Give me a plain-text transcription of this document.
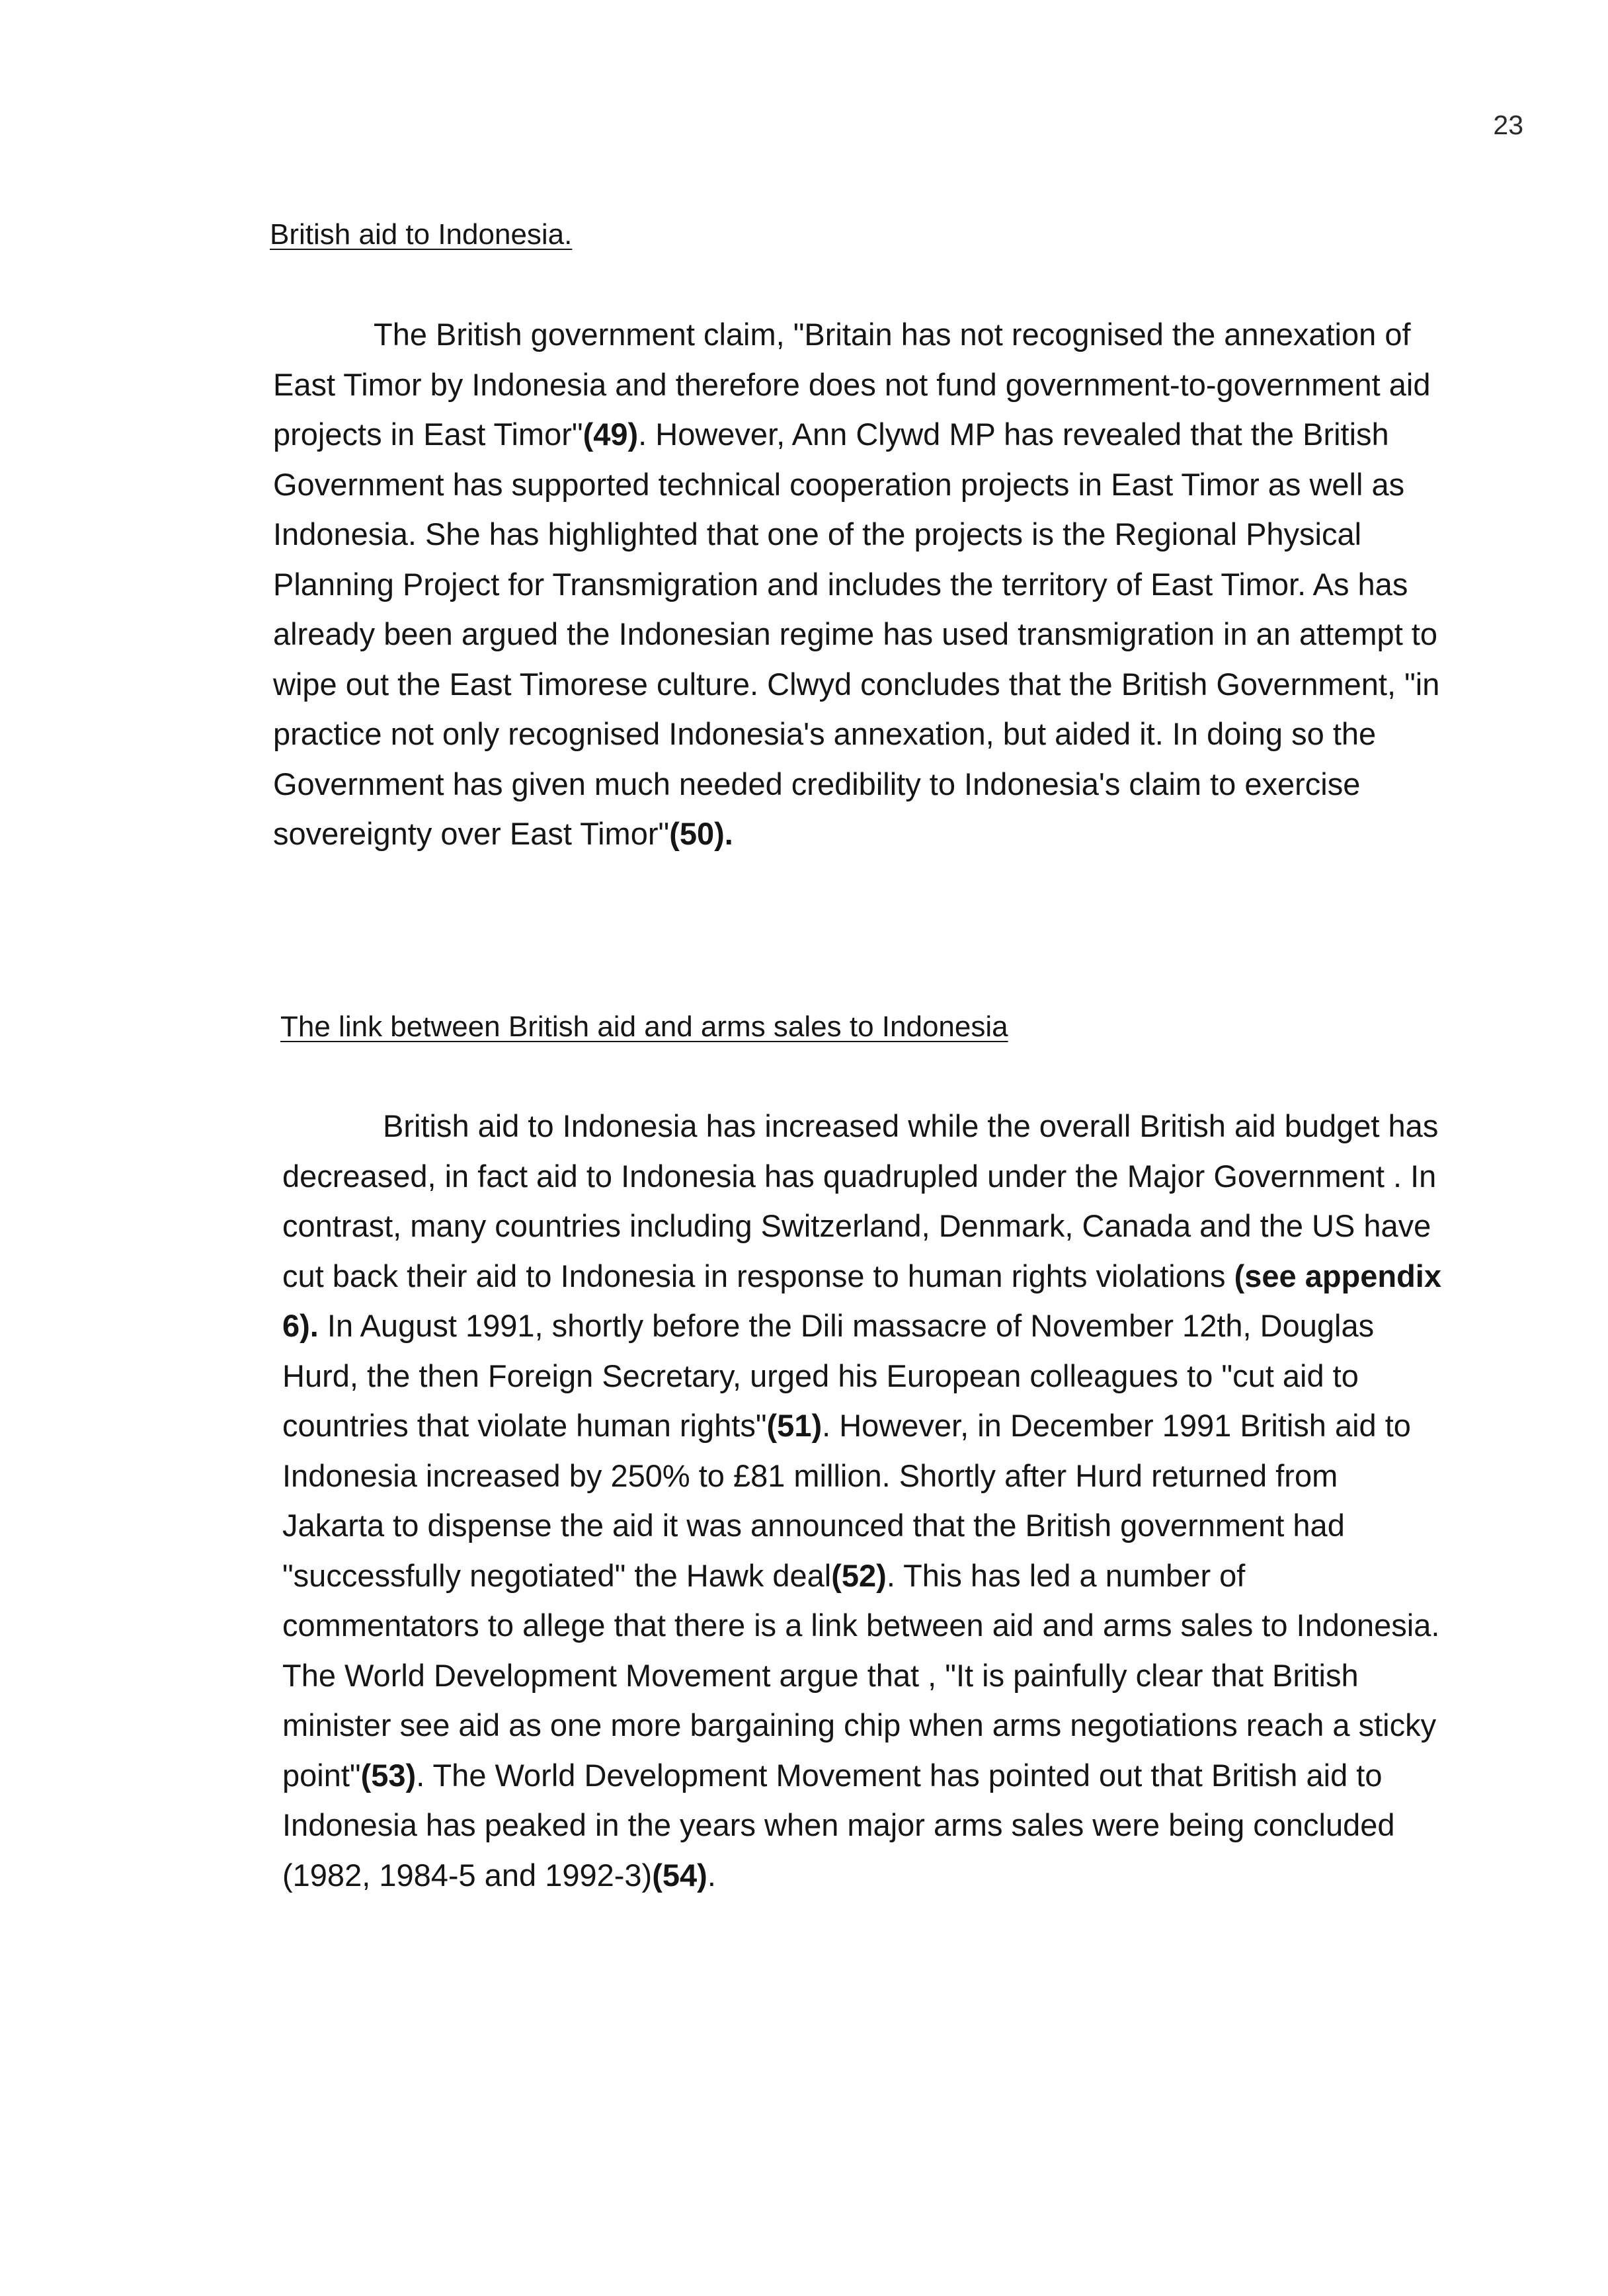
23
British aid to Indonesia.

The British government claim, "Britain has not recognised the annexation of East Timor by Indonesia and therefore does not fund government-to-government aid projects in East Timor"(49). However, Ann Clywd MP has revealed that the British Government has supported technical cooperation projects in East Timor as well as Indonesia. She has highlighted that one of the projects is the Regional Physical Planning Project for Transmigration and includes the territory of East Timor. As has already been argued the Indonesian regime has used transmigration in an attempt to wipe out the East Timorese culture. Clwyd concludes that the British Government, "in practice not only recognised Indonesia's annexation, but aided it. In doing so the Government has given much needed credibility to Indonesia's claim to exercise sovereignty over East Timor"(50).

The link between British aid and arms sales to Indonesia

British aid to Indonesia has increased while the overall British aid budget has decreased, in fact aid to Indonesia has quadrupled under the Major Government . In contrast, many countries including Switzerland, Denmark, Canada and the US have cut back their aid to Indonesia in response to human rights violations (see appendix 6). In August 1991, shortly before the Dili massacre of November 12th, Douglas Hurd, the then Foreign Secretary, urged his European colleagues to "cut aid to countries that violate human rights"(51). However, in December 1991 British aid to Indonesia increased by 250% to £81 million. Shortly after Hurd returned from Jakarta to dispense the aid it was announced that the British government had "successfully negotiated" the Hawk deal(52). This has led a number of commentators to allege that there is a link between aid and arms sales to Indonesia. The World Development Movement argue that , "It is painfully clear that British minister see aid as one more bargaining chip when arms negotiations reach a sticky point"(53). The World Development Movement has pointed out that British aid to Indonesia has peaked in the years when major arms sales were being concluded (1982, 1984-5 and 1992-3)(54).
